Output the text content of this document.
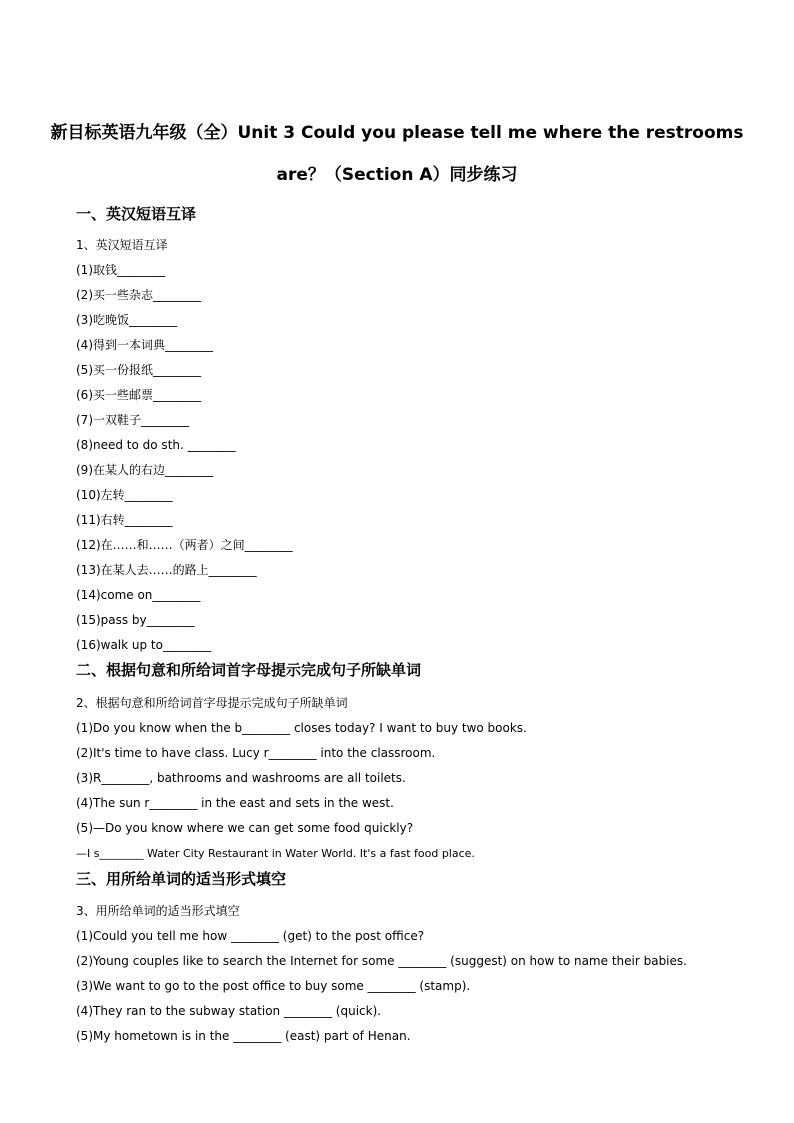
新目标英语九年级（全）Unit 3 Could you please tell me where the restrooms
are？（Section A）同步练习
一、英汉短语互译
1、英汉短语互译
(1)取钱________
(2)买一些杂志________
(3)吃晚饭________
(4)得到一本词典________
(5)买一份报纸________
(6)买一些邮票________
(7)一双鞋子________
(8)need to do sth. ________
(9)在某人的右边________
(10)左转________
(11)右转________
(12)在……和……（两者）之间________
(13)在某人去……的路上________
(14)come on________
(15)pass by________
(16)walk up to________
二、根据句意和所给词首字母提示完成句子所缺单词
2、根据句意和所给词首字母提示完成句子所缺单词
(1)Do you know when the b________ closes today? I want to buy two books.
(2)It's time to have class. Lucy r________ into the classroom.
(3)R________, bathrooms and washrooms are all toilets.
(4)The sun r________ in the east and sets in the west.
(5)—Do you know where we can get some food quickly?
—I s________ Water City Restaurant in Water World. It's a fast food place.
三、用所给单词的适当形式填空
3、用所给单词的适当形式填空
(1)Could you tell me how ________ (get) to the post office?
(2)Young couples like to search the Internet for some ________ (suggest) on how to name their babies.
(3)We want to go to the post office to buy some ________ (stamp).
(4)They ran to the subway station ________ (quick).
(5)My hometown is in the ________ (east) part of Henan.
